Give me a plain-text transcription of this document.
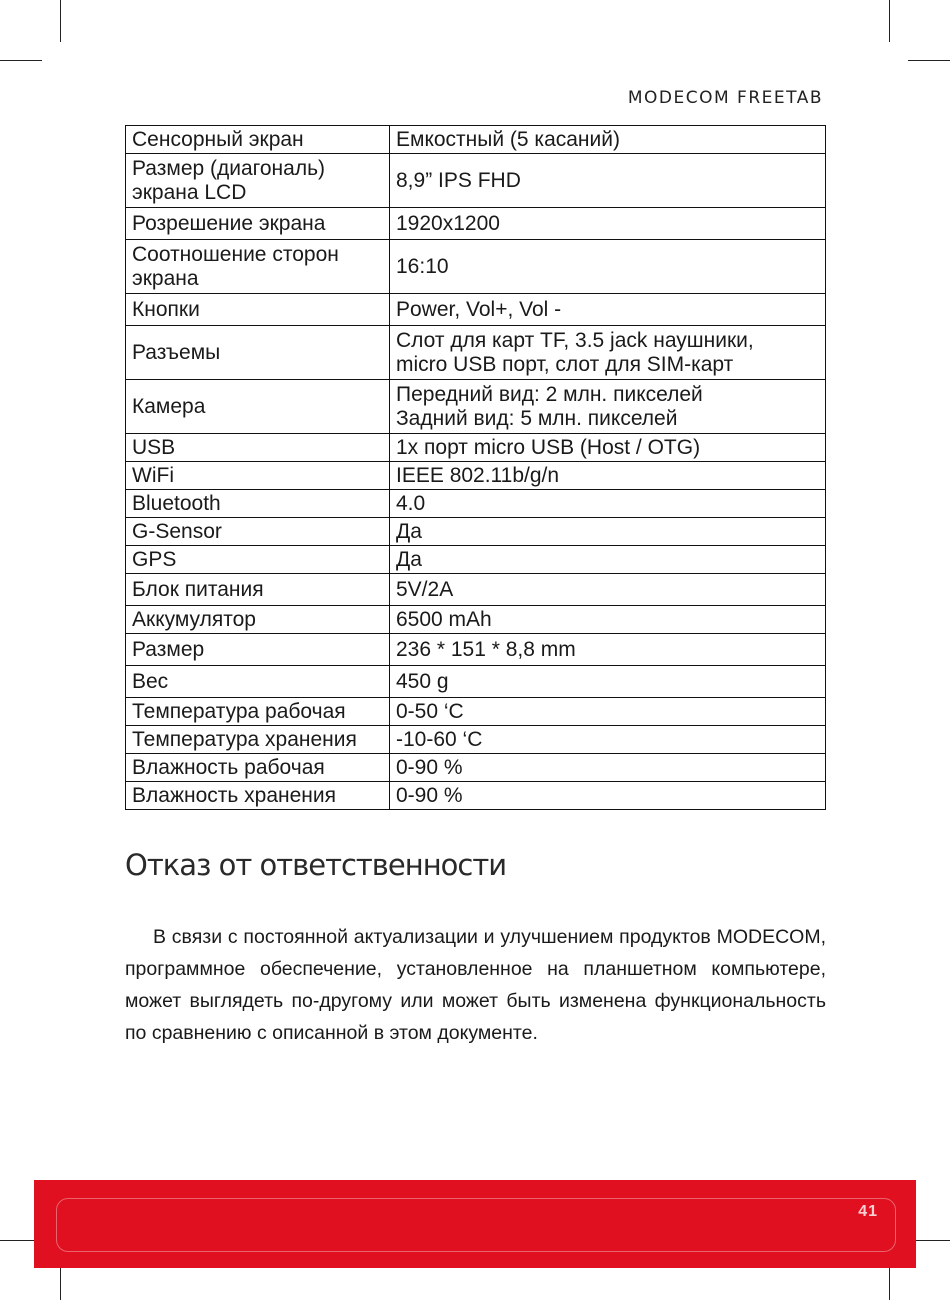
MODECOM FREETAB
Сенсорный экран	Емкостный (5 касаний)
Размер (диагональ)
экрана LCD	8,9” IPS FHD
Розрешение экрана	1920x1200
Соотношение сторон
экрана	16:10
Кнопки	Power, Vol+, Vol -
Разъемы	Слот для карт TF, 3.5 jack наушники,
micro USB порт, слот для SIM-карт
Камера	Передний вид: 2 млн. пикселей
Задний вид: 5 млн. пикселей
USB	1x порт micro USB (Host / OTG)
WiFi	IEEE 802.11b/g/n
Bluetooth	4.0
G-Sensor	Да
GPS	Да
Блок питания	5V/2A
Аккумулятор	6500 mAh
Размер	236 * 151 * 8,8 mm
Вес	450 g
Температура рабочая	0-50 ‘C
Температура хранения	-10-60 ‘C
Влажность рабочая	0-90 %
Влажность хранения	0-90 %
Отказ от ответственности

В связи с постоянной актуализации и улучшением продуктов MODECOM, программное обеспечение, установленное на планшетном компьютере, может выглядеть по-другому или может быть изменена функциональность по сравнению с описанной в этом документе.

41
